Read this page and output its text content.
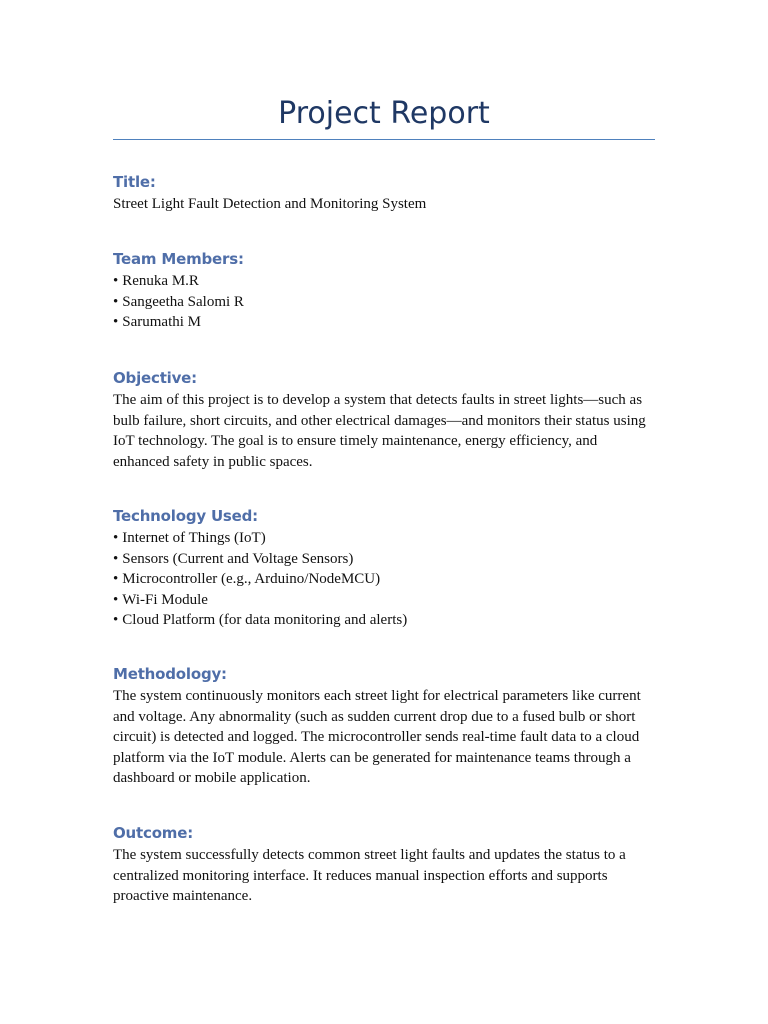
Project Report

Title:

Street Light Fault Detection and Monitoring System

Team Members:

• Renuka M.R
• Sangeetha Salomi R
• Sarumathi M

Objective:

The aim of this project is to develop a system that detects faults in street lights—such as

bulb failure, short circuits, and other electrical damages—and monitors their status using

IoT technology. The goal is to ensure timely maintenance, energy efficiency, and

enhanced safety in public spaces.

Technology Used:

• Internet of Things (IoT)
• Sensors (Current and Voltage Sensors)
• Microcontroller (e.g., Arduino/NodeMCU)
• Wi-Fi Module
• Cloud Platform (for data monitoring and alerts)

Methodology:

The system continuously monitors each street light for electrical parameters like current

and voltage. Any abnormality (such as sudden current drop due to a fused bulb or short

circuit) is detected and logged. The microcontroller sends real-time fault data to a cloud

platform via the IoT module. Alerts can be generated for maintenance teams through a

dashboard or mobile application.

Outcome:

The system successfully detects common street light faults and updates the status to a

centralized monitoring interface. It reduces manual inspection efforts and supports

proactive maintenance.
